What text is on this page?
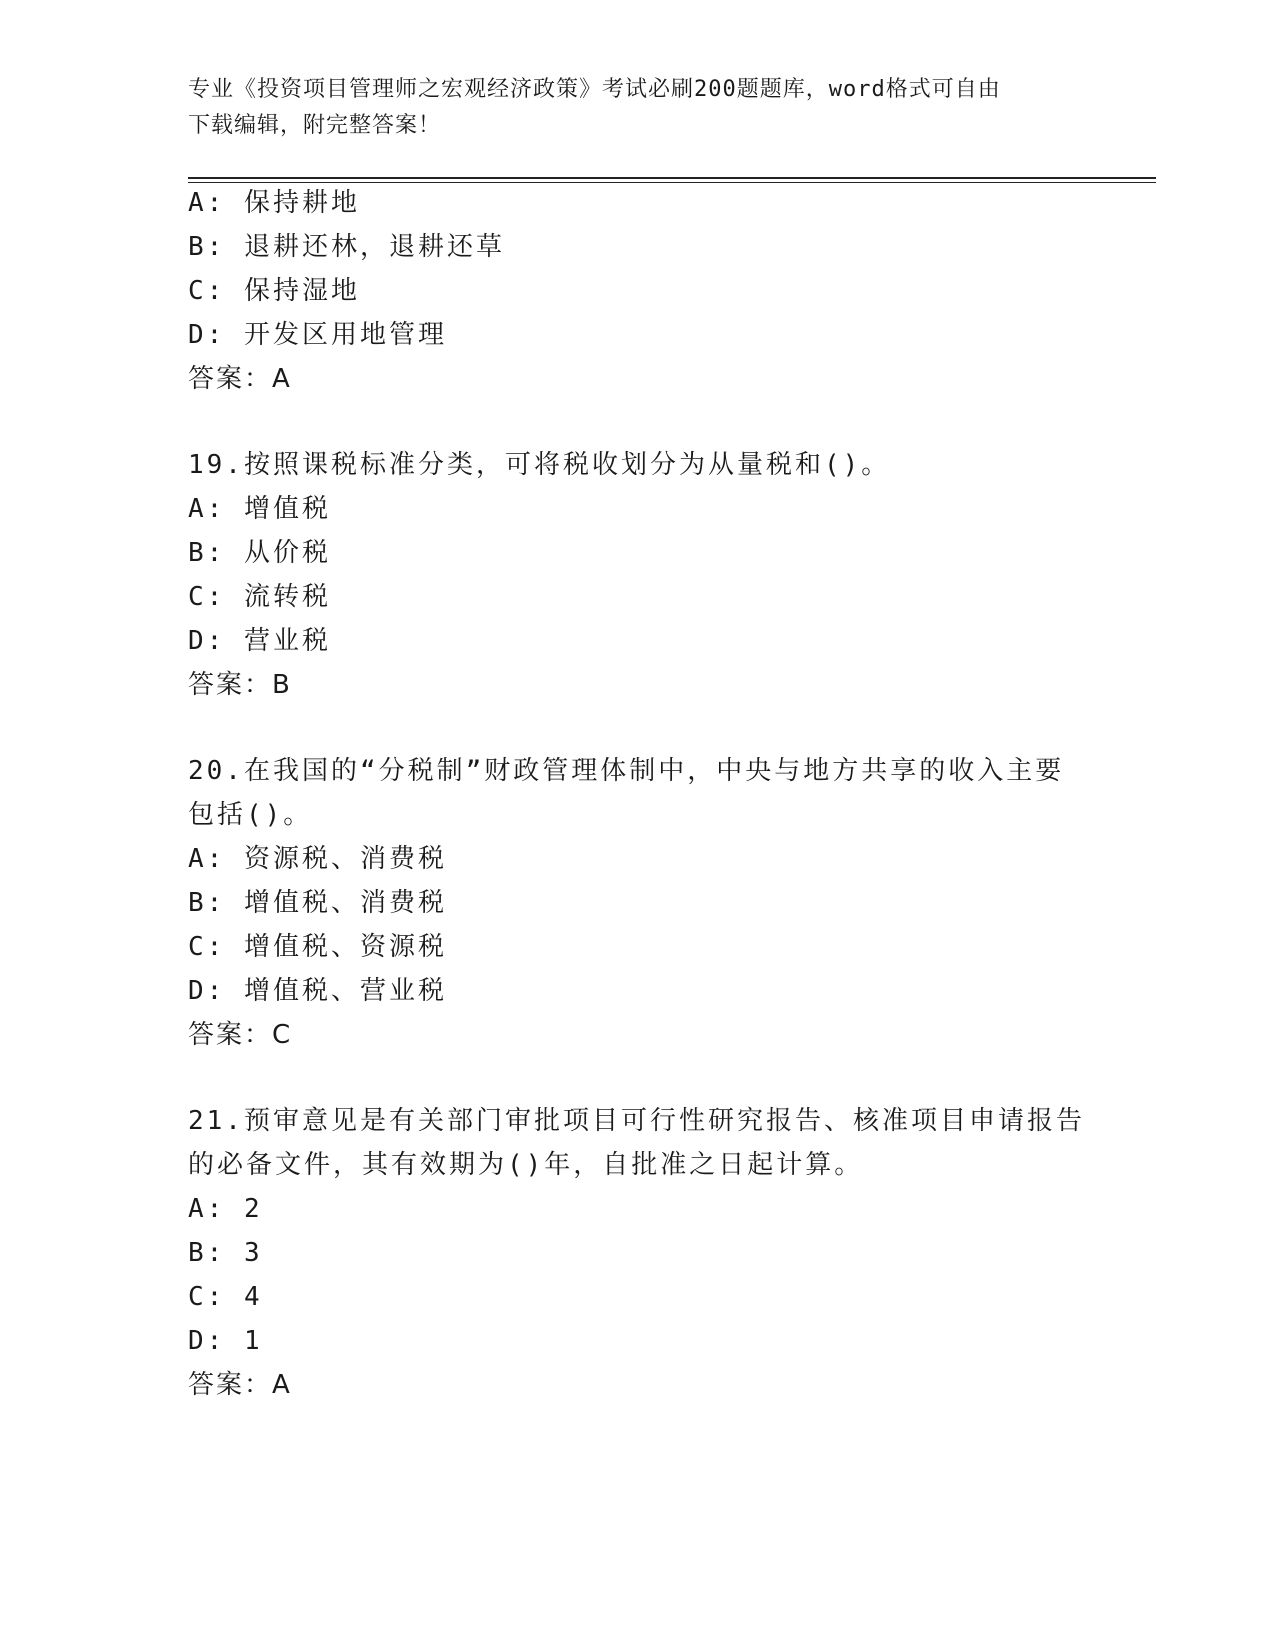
专业《投资项目管理师之宏观经济政策》考试必刷200题题库，word格式可自由
下载编辑，附完整答案！
A: 保持耕地
B: 退耕还林，退耕还草
C: 保持湿地
D: 开发区用地管理
答案：A
19.按照课税标准分类，可将税收划分为从量税和()。
A: 增值税
B: 从价税
C: 流转税
D: 营业税
答案：B
20.在我国的“分税制”财政管理体制中，中央与地方共享的收入主要
包括()。
A: 资源税、消费税
B: 增值税、消费税
C: 增值税、资源税
D: 增值税、营业税
答案：C
21.预审意见是有关部门审批项目可行性研究报告、核准项目申请报告
的必备文件，其有效期为()年，自批准之日起计算。
A: 2
B: 3
C: 4
D: 1
答案：A
